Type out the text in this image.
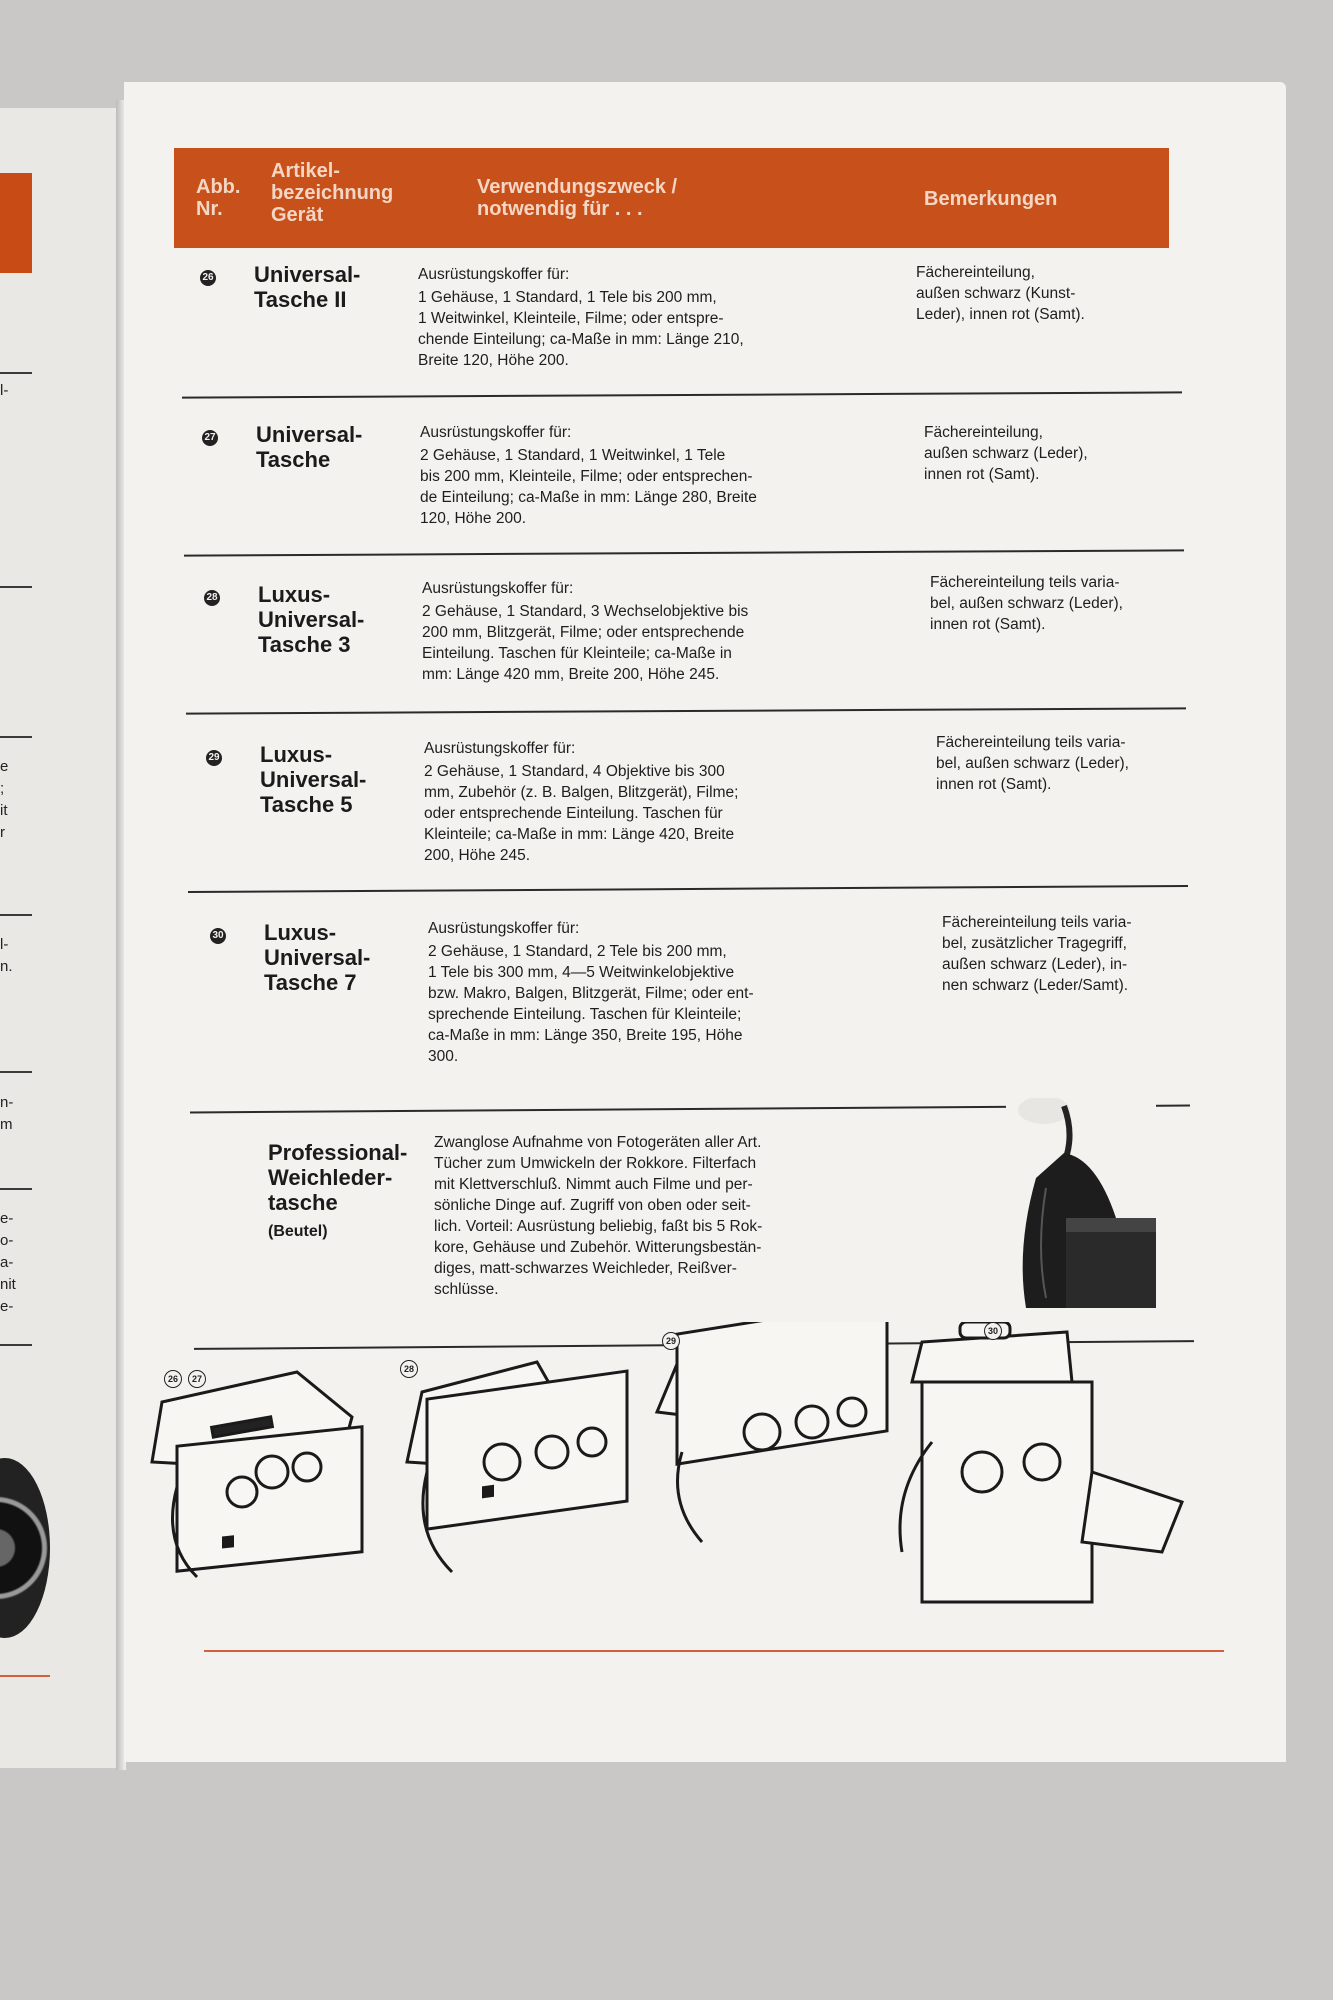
l-
e
;
it
r
l-
n.
n-
m
e-
o-
a-
nit
e-
Abb.
Nr.
Artikel-
bezeichnung
Gerät
Verwendungszweck /
notwendig für . . .	Bemerkungen
26 Universal-
Tasche II
Ausrüstungskoffer für:
1 Gehäuse, 1 Standard, 1 Tele bis 200 mm,
1 Weitwinkel, Kleinteile, Filme; oder entspre-
chende Einteilung; ca-Maße in mm: Länge 210,
Breite 120, Höhe 200.
Fächereinteilung,
außen schwarz (Kunst-
Leder), innen rot (Samt).
27 Universal-
Tasche
Ausrüstungskoffer für:
2 Gehäuse, 1 Standard, 1 Weitwinkel, 1 Tele
bis 200 mm, Kleinteile, Filme; oder entsprechen-
de Einteilung; ca-Maße in mm: Länge 280, Breite
120, Höhe 200.
Fächereinteilung,
außen schwarz (Leder),
innen rot (Samt).
28 Luxus-
Universal-
Tasche 3
Ausrüstungskoffer für:
2 Gehäuse, 1 Standard, 3 Wechselobjektive bis
200 mm, Blitzgerät, Filme; oder entsprechende
Einteilung. Taschen für Kleinteile; ca-Maße in
mm: Länge 420 mm, Breite 200, Höhe 245.
Fächereinteilung teils varia-
bel, außen schwarz (Leder),
innen rot (Samt).
29 Luxus-
Universal-
Tasche 5
Ausrüstungskoffer für:
2 Gehäuse, 1 Standard, 4 Objektive bis 300
mm, Zubehör (z. B. Balgen, Blitzgerät), Filme;
oder entsprechende Einteilung. Taschen für
Kleinteile; ca-Maße in mm: Länge 420, Breite
200, Höhe 245.
Fächereinteilung teils varia-
bel, außen schwarz (Leder),
innen rot (Samt).
30 Luxus-
Universal-
Tasche 7
Ausrüstungskoffer für:
2 Gehäuse, 1 Standard, 2 Tele bis 200 mm,
1 Tele bis 300 mm, 4—5 Weitwinkelobjektive
bzw. Makro, Balgen, Blitzgerät, Filme; oder ent-
sprechende Einteilung. Taschen für Kleinteile;
ca-Maße in mm: Länge 350, Breite 195, Höhe
300.
Fächereinteilung teils varia-
bel, zusätzlicher Tragegriff,
außen schwarz (Leder), in-
nen schwarz (Leder/Samt).
Professional-
Weichleder-
tasche
(Beutel)
Zwanglose Aufnahme von Fotogeräten aller Art.
Tücher zum Umwickeln der Rokkore. Filterfach
mit Klettverschluß. Nimmt auch Filme und per-
sönliche Dinge auf. Zugriff von oben oder seit-
lich. Vorteil: Ausrüstung beliebig, faßt bis 5 Rok-
kore, Gehäuse und Zubehör. Witterungsbestän-
diges, matt-schwarzes Weichleder, Reißver-
schlüsse.
26	27
28
29
30
